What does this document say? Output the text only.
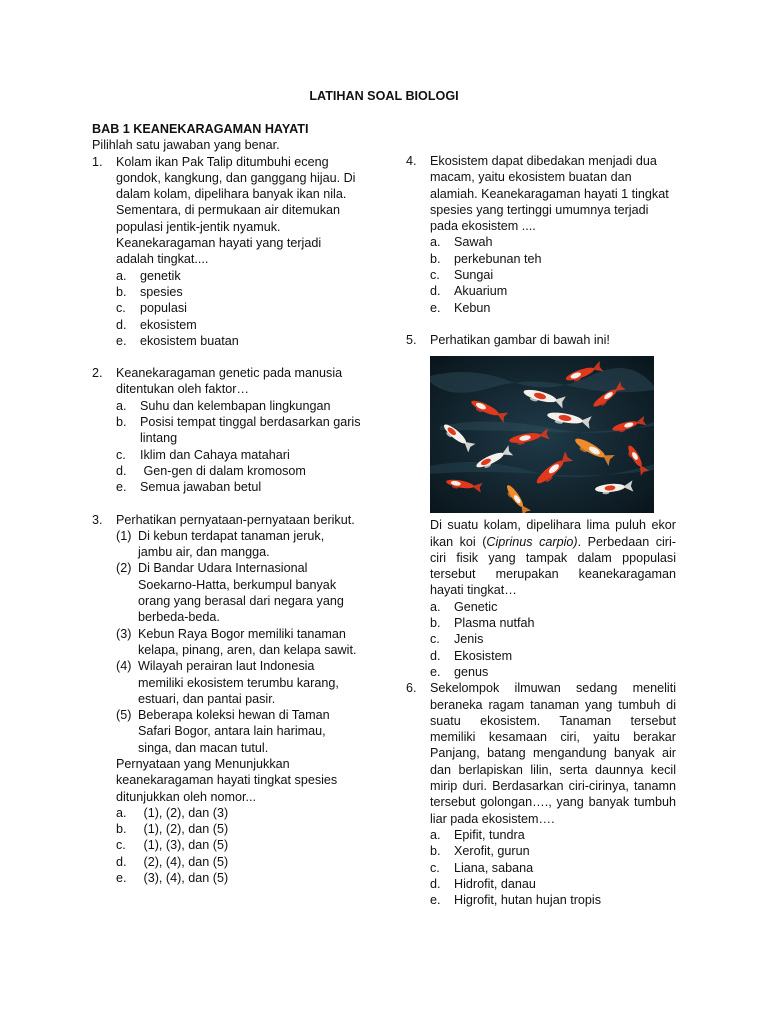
LATIHAN SOAL BIOLOGI
BAB 1 KEANEKARAGAMAN HAYATI
Pilihlah satu jawaban yang benar.
1.	Kolam ikan Pak Talip ditumbuhi eceng gondok, kangkung, dan ganggang hijau. Di dalam kolam, dipelihara banyak ikan nila. Sementara, di permukaan air ditemukan populasi jentik-jentik nyamuk. Keanekaragaman hayati yang terjadi adalah tingkat....
a.	genetik
b.	spesies
c.	populasi
d.	ekosistem
e.	ekosistem buatan
2.	Keanekaragaman genetic pada manusia ditentukan oleh faktor…
a.	Suhu dan kelembapan lingkungan
b.	Posisi tempat tinggal berdasarkan garis lintang
c.	Iklim dan Cahaya matahari
d.	Gen-gen di dalam kromosom
e.	Semua jawaban betul
3.	Perhatikan pernyataan-pernyataan berikut.
(1) Di kebun terdapat tanaman jeruk, jambu air, dan mangga.
(2) Di Bandar Udara Internasional Soekarno-Hatta, berkumpul banyak orang yang berasal dari negara yang berbeda-beda.
(3) Kebun Raya Bogor memiliki tanaman kelapa, pinang, aren, dan kelapa sawit.
(4) Wilayah perairan laut Indonesia memiliki ekosistem terumbu karang, estuari, dan pantai pasir.
(5) Beberapa koleksi hewan di Taman Safari Bogor, antara lain harimau, singa, dan macan tutul.
Pernyataan yang Menunjukkan keanekaragaman hayati tingkat spesies ditunjukkan oleh nomor...
a.	(1), (2), dan (3)
b.	(1), (2), dan (5)
c.	(1), (3), dan (5)
d.	(2), (4), dan (5)
e.	(3), (4), dan (5)
4.	Ekosistem dapat dibedakan menjadi dua macam, yaitu ekosistem buatan dan alamiah. Keanekaragaman hayati 1 tingkat spesies yang tertinggi umumnya terjadi pada ekosistem ....
a.	Sawah
b.	perkebunan teh
c.	Sungai
d.	Akuarium
e.	Kebun
5.	Perhatikan gambar di bawah ini!
Di suatu kolam, dipelihara lima puluh ekor ikan koi (Ciprinus carpio). Perbedaan ciri-ciri fisik yang tampak dalam ppopulasi tersebut merupakan keanekaragaman hayati tingkat…
a.	Genetic
b.	Plasma nutfah
c.	Jenis
d.	Ekosistem
e.	genus
6.	Sekelompok ilmuwan sedang meneliti beraneka ragam tanaman yang tumbuh di suatu ekosistem. Tanaman tersebut memiliki kesamaan ciri, yaitu berakar Panjang, batang mengandung banyak air dan berlapiskan lilin, serta daunnya kecil mirip duri. Berdasarkan ciri-cirinya, tanamn tersebut golongan…., yang banyak tumbuh liar pada ekosistem….
a.	Epifit, tundra
b.	Xerofit, gurun
c.	Liana, sabana
d.	Hidrofit, danau
e.	Higrofit, hutan hujan tropis
